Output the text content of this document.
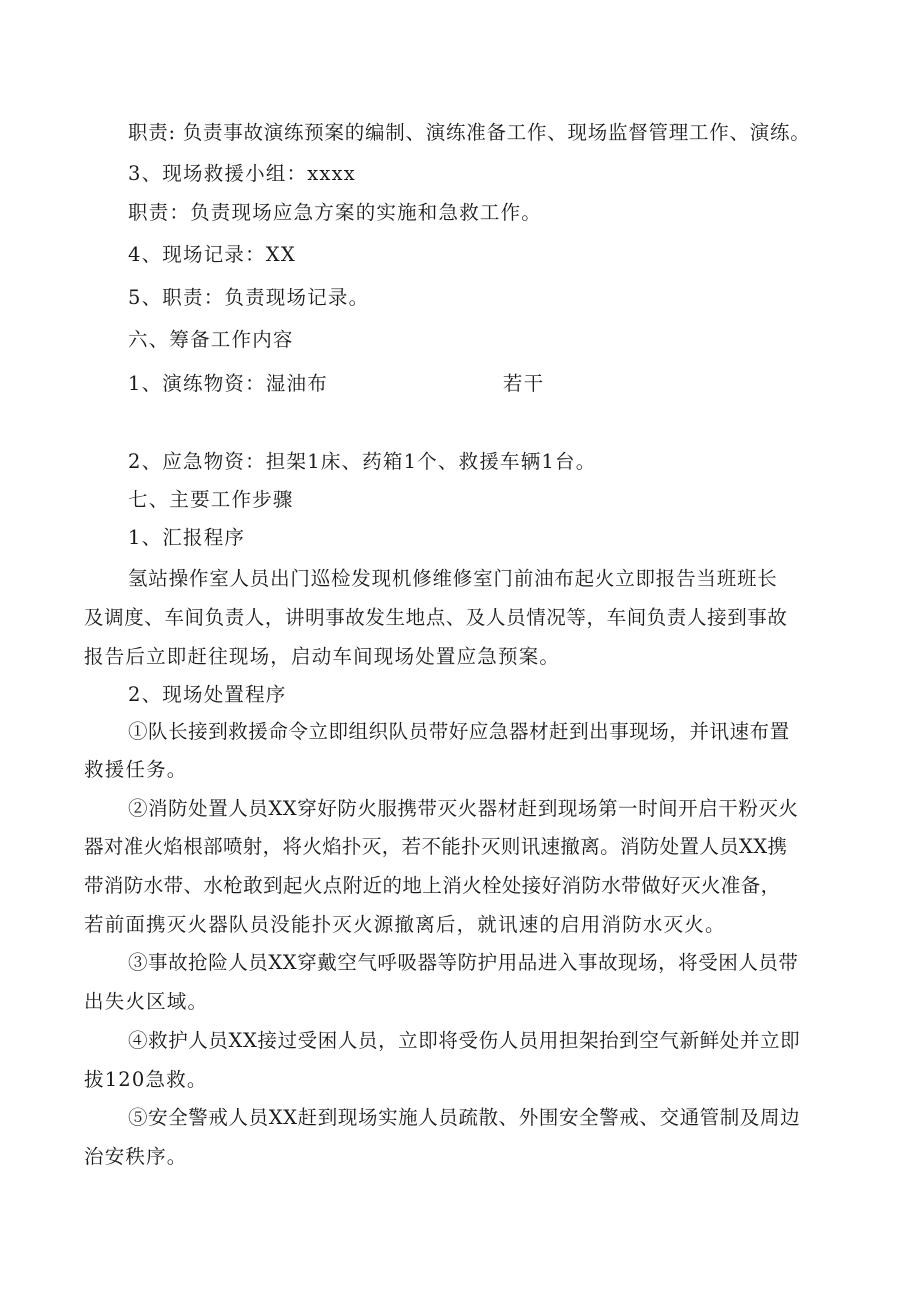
职责: 负责事故演练预案的编制、演练准备工作、现场监督管理工作、演练。
3、现场救援小组：xxxx
职责：负责现场应急方案的实施和急救工作。
4、现场记录：XX
5、职责：负责现场记录。
六、筹备工作内容
1、演练物资：湿油布	若干
2、应急物资：担架1床、药箱1个、救援车辆1台。
七、主要工作步骤
1、汇报程序
氢站操作室人员出门巡检发现机修维修室门前油布起火立即报告当班班长
及调度、车间负责人，讲明事故发生地点、及人员情况等，车间负责人接到事故
报告后立即赶往现场，启动车间现场处置应急预案。
2、现场处置程序
①队长接到救援命令立即组织队员带好应急器材赶到出事现场，并讯速布置
救援任务。
②消防处置人员XX穿好防火服携带灭火器材赶到现场第一时间开启干粉灭火
器对准火焰根部喷射，将火焰扑灭，若不能扑灭则讯速撤离。消防处置人员XX携
带消防水带、水枪敢到起火点附近的地上消火栓处接好消防水带做好灭火准备，
若前面携灭火器队员没能扑灭火源撤离后，就讯速的启用消防水灭火。
③事故抢险人员XX穿戴空气呼吸器等防护用品进入事故现场，将受困人员带
出失火区域。
④救护人员XX接过受困人员，立即将受伤人员用担架抬到空气新鲜处并立即
拔120急救。
⑤安全警戒人员XX赶到现场实施人员疏散、外围安全警戒、交通管制及周边
治安秩序。
